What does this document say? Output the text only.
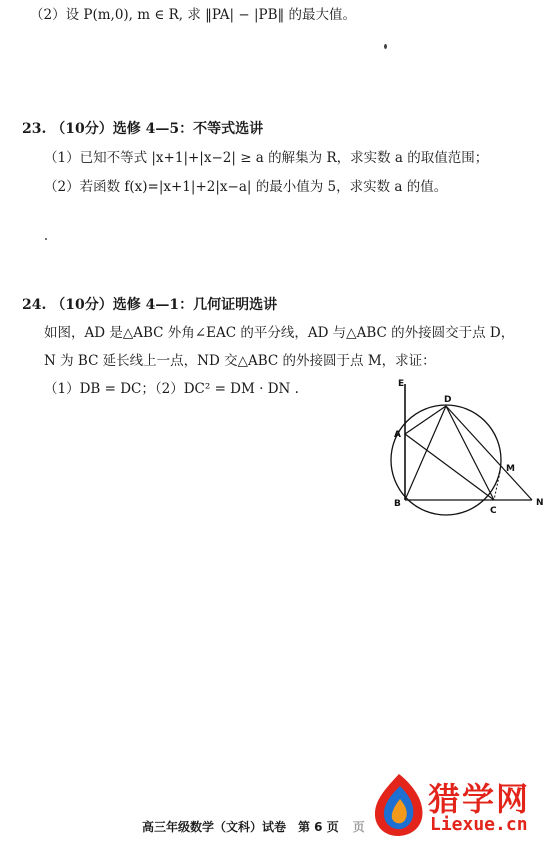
（2）设 P(m,0), m ∈ R, 求 ‖PA| − |PB‖ 的最大值。
23. （10分）选修 4—5：不等式选讲
（1）已知不等式 |x+1|+|x−2| ≥ a 的解集为 R，求实数 a 的取值范围；
（2）若函数 f(x)=|x+1|+2|x−a| 的最小值为 5，求实数 a 的值。
24. （10分）选修 4—1：几何证明选讲
如图，AD 是△ABC 外角∠EAC 的平分线，AD 与△ABC 的外接圆交于点 D，
N 为 BC 延长线上一点，ND 交△ABC 的外接圆于点 M，求证：
（1）DB = DC；（2）DC² = DM · DN .	E
D
A
M
B
C
N
高三年级数学（文科）试卷　第 6 页 页
猎学网
Liexue.cn
